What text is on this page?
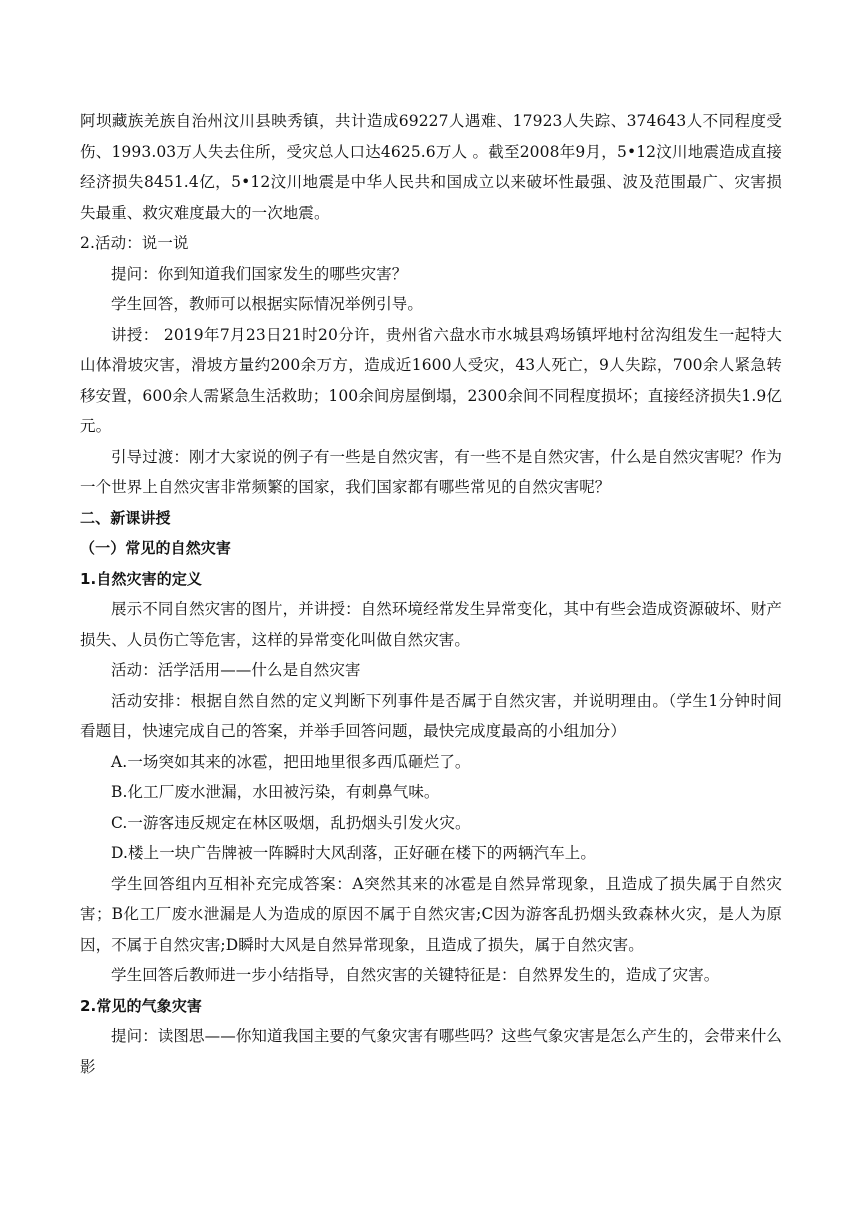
阿坝藏族羌族自治州汶川县映秀镇，共计造成69227人遇难、17923人失踪、374643人不同程度受伤、1993.03万人失去住所，受灾总人口达4625.6万人 。截至2008年9月，5•12汶川地震造成直接经济损失8451.4亿，5•12汶川地震是中华人民共和国成立以来破坏性最强、波及范围最广、灾害损失最重、救灾难度最大的一次地震。

2.活动：说一说

提问：你到知道我们国家发生的哪些灾害？

学生回答，教师可以根据实际情况举例引导。

讲授： 2019年7月23日21时20分许，贵州省六盘水市水城县鸡场镇坪地村岔沟组发生一起特大山体滑坡灾害，滑坡方量约200余万方，造成近1600人受灾，43人死亡，9人失踪，700余人紧急转移安置，600余人需紧急生活救助；100余间房屋倒塌，2300余间不同程度损坏；直接经济损失1.9亿元。

引导过渡：刚才大家说的例子有一些是自然灾害，有一些不是自然灾害，什么是自然灾害呢？作为一个世界上自然灾害非常频繁的国家，我们国家都有哪些常见的自然灾害呢？

二、新课讲授

（一）常见的自然灾害

1.自然灾害的定义

展示不同自然灾害的图片，并讲授：自然环境经常发生异常变化，其中有些会造成资源破坏、财产损失、人员伤亡等危害，这样的异常变化叫做自然灾害。

活动：活学活用——什么是自然灾害

活动安排：根据自然自然的定义判断下列事件是否属于自然灾害，并说明理由。（学生1分钟时间看题目，快速完成自己的答案，并举手回答问题，最快完成度最高的小组加分）

A.一场突如其来的冰雹，把田地里很多西瓜砸烂了。

B.化工厂废水泄漏，水田被污染，有刺鼻气味。

C.一游客违反规定在林区吸烟，乱扔烟头引发火灾。

D.楼上一块广告牌被一阵瞬时大风刮落，正好砸在楼下的两辆汽车上。

学生回答组内互相补充完成答案：A突然其来的冰雹是自然异常现象，且造成了损失属于自然灾害；B化工厂废水泄漏是人为造成的原因不属于自然灾害;C因为游客乱扔烟头致森林火灾，是人为原因，不属于自然灾害;D瞬时大风是自然异常现象，且造成了损失，属于自然灾害。

学生回答后教师进一步小结指导，自然灾害的关键特征是：自然界发生的，造成了灾害。

2.常见的气象灾害

提问：读图思——你知道我国主要的气象灾害有哪些吗？这些气象灾害是怎么产生的，会带来什么影
